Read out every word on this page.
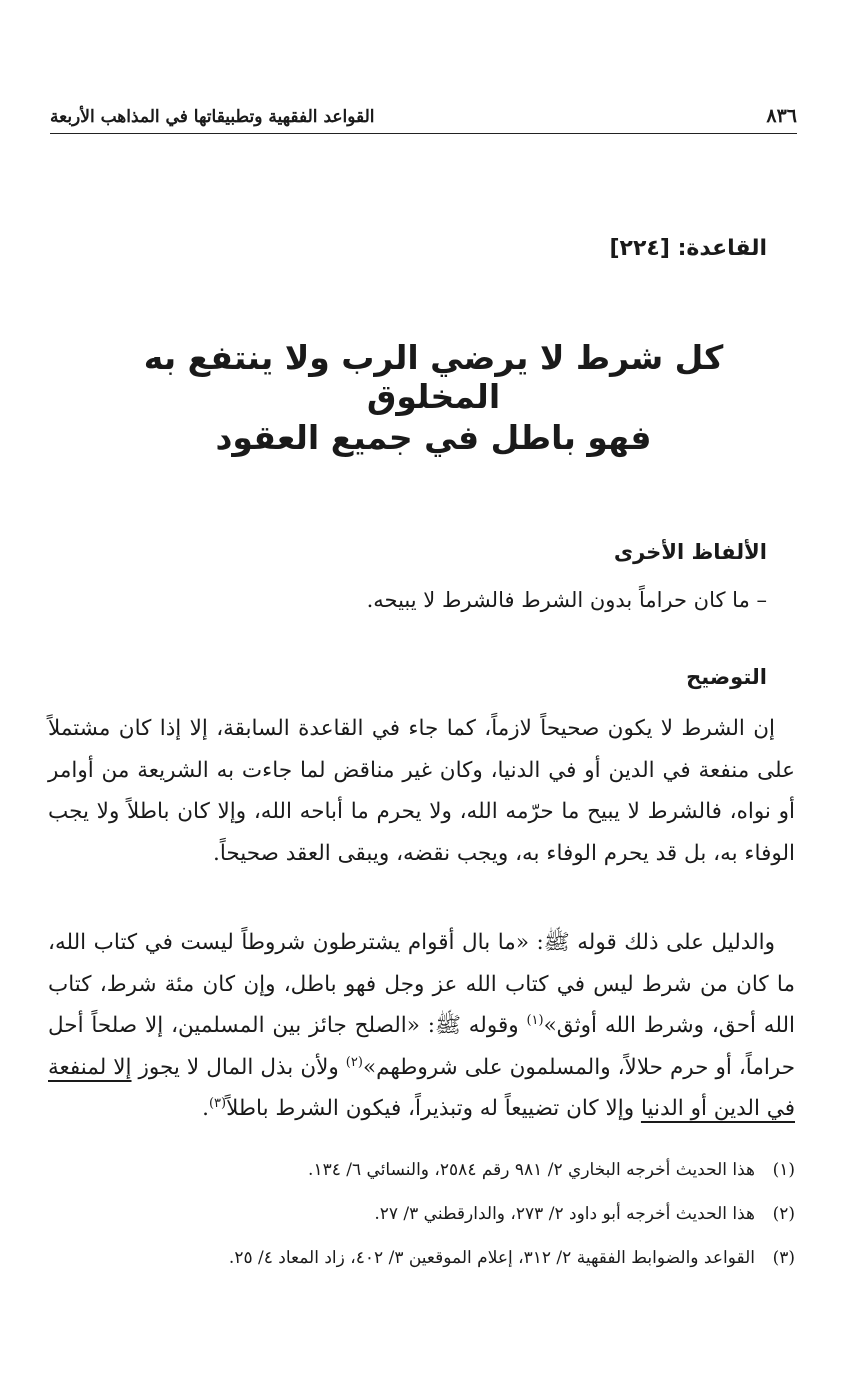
٨٣٦
القواعد الفقهية وتطبيقاتها في المذاهب الأربعة
القاعدة: [٢٢٤]
كل شرط لا يرضي الرب ولا ينتفع به المخلوق
فهو باطل في جميع العقود
الألفاظ الأخرى
– ما كان حراماً بدون الشرط فالشرط لا يبيحه.
التوضيح

إن الشرط لا يكون صحيحاً لازماً، كما جاء في القاعدة السابقة، إلا إذا كان مشتملاً على منفعة في الدين أو في الدنيا، وكان غير مناقض لما جاءت به الشريعة من أوامر أو نواه، فالشرط لا يبيح ما حرّمه الله، ولا يحرم ما أباحه الله، وإلا كان باطلاً ولا يجب الوفاء به، بل قد يحرم الوفاء به، ويجب نقضه، ويبقى العقد صحيحاً.

والدليل على ذلك قوله ﷺ: «ما بال أقوام يشترطون شروطاً ليست في كتاب الله، ما كان من شرط ليس في كتاب الله عز وجل فهو باطل، وإن كان مئة شرط، كتاب الله أحق، وشرط الله أوثق»$^{(١)}$ وقوله ﷺ: «الصلح جائز بين المسلمين، إلا صلحاً أحل حراماً، أو حرم حلالاً، والمسلمون على شروطهم»$^{(٢)}$ ولأن بذل المال لا يجوز إلا لمنفعة في الدين أو الدنيا وإلا كان تضييعاً له وتبذيراً، فيكون الشرط باطلاً$^{(٣)}$.

(١)
هذا الحديث أخرجه البخاري ٢/ ٩٨١ رقم ٢٥٨٤، والنسائي ٦/ ١٣٤.
(٢)
هذا الحديث أخرجه أبو داود ٢/ ٢٧٣، والدارقطني ٣/ ٢٧.
(٣)
القواعد والضوابط الفقهية ٢/ ٣١٢، إعلام الموقعين ٣/ ٤٠٢، زاد المعاد ٤/ ٢٥.
